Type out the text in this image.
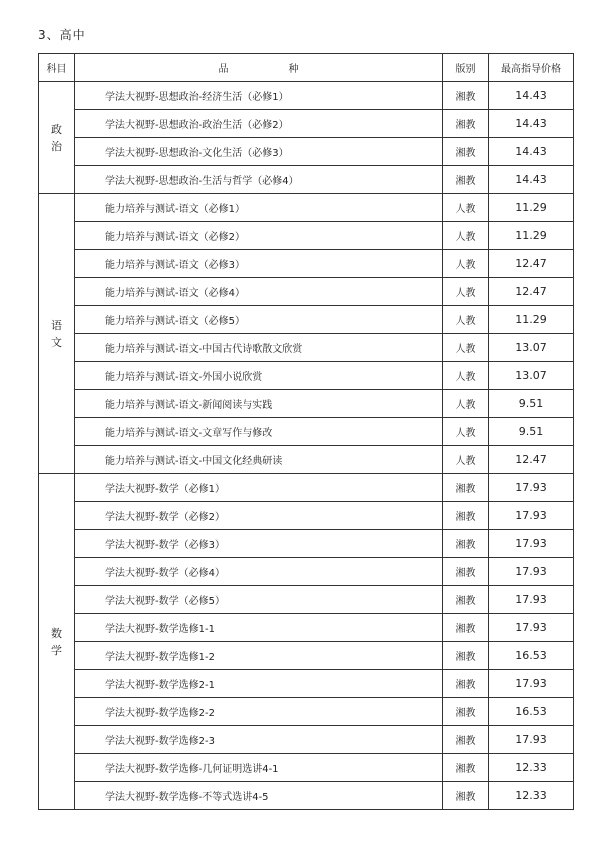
3、高中
科目	品 种	版别	最高指导价格

政
治	学法大视野-思想政治-经济生活（必修1）	湘教	14.43
	学法大视野-思想政治-政治生活（必修2）	湘教	14.43
	学法大视野-思想政治-文化生活（必修3）	湘教	14.43
	学法大视野-思想政治-生活与哲学（必修4）	湘教	14.43

语
文	能力培养与测试-语文（必修1）	人教	11.29
	能力培养与测试-语文（必修2）	人教	11.29
	能力培养与测试-语文（必修3）	人教	12.47
	能力培养与测试-语文（必修4）	人教	12.47
	能力培养与测试-语文（必修5）	人教	11.29
	能力培养与测试-语文-中国古代诗歌散文欣赏	人教	13.07
	能力培养与测试-语文-外国小说欣赏	人教	13.07
	能力培养与测试-语文-新闻阅读与实践	人教	9.51
	能力培养与测试-语文-文章写作与修改	人教	9.51
	能力培养与测试-语文-中国文化经典研读	人教	12.47

数
学	学法大视野-数学（必修1）	湘教	17.93
	学法大视野-数学（必修2）	湘教	17.93
	学法大视野-数学（必修3）	湘教	17.93
	学法大视野-数学（必修4）	湘教	17.93
	学法大视野-数学（必修5）	湘教	17.93
	学法大视野-数学选修1-1	湘教	17.93
	学法大视野-数学选修1-2	湘教	16.53
	学法大视野-数学选修2-1	湘教	17.93
	学法大视野-数学选修2-2	湘教	16.53
	学法大视野-数学选修2-3	湘教	17.93
	学法大视野-数学选修-几何证明选讲4-1	湘教	12.33
	学法大视野-数学选修-不等式选讲4-5	湘教	12.33
